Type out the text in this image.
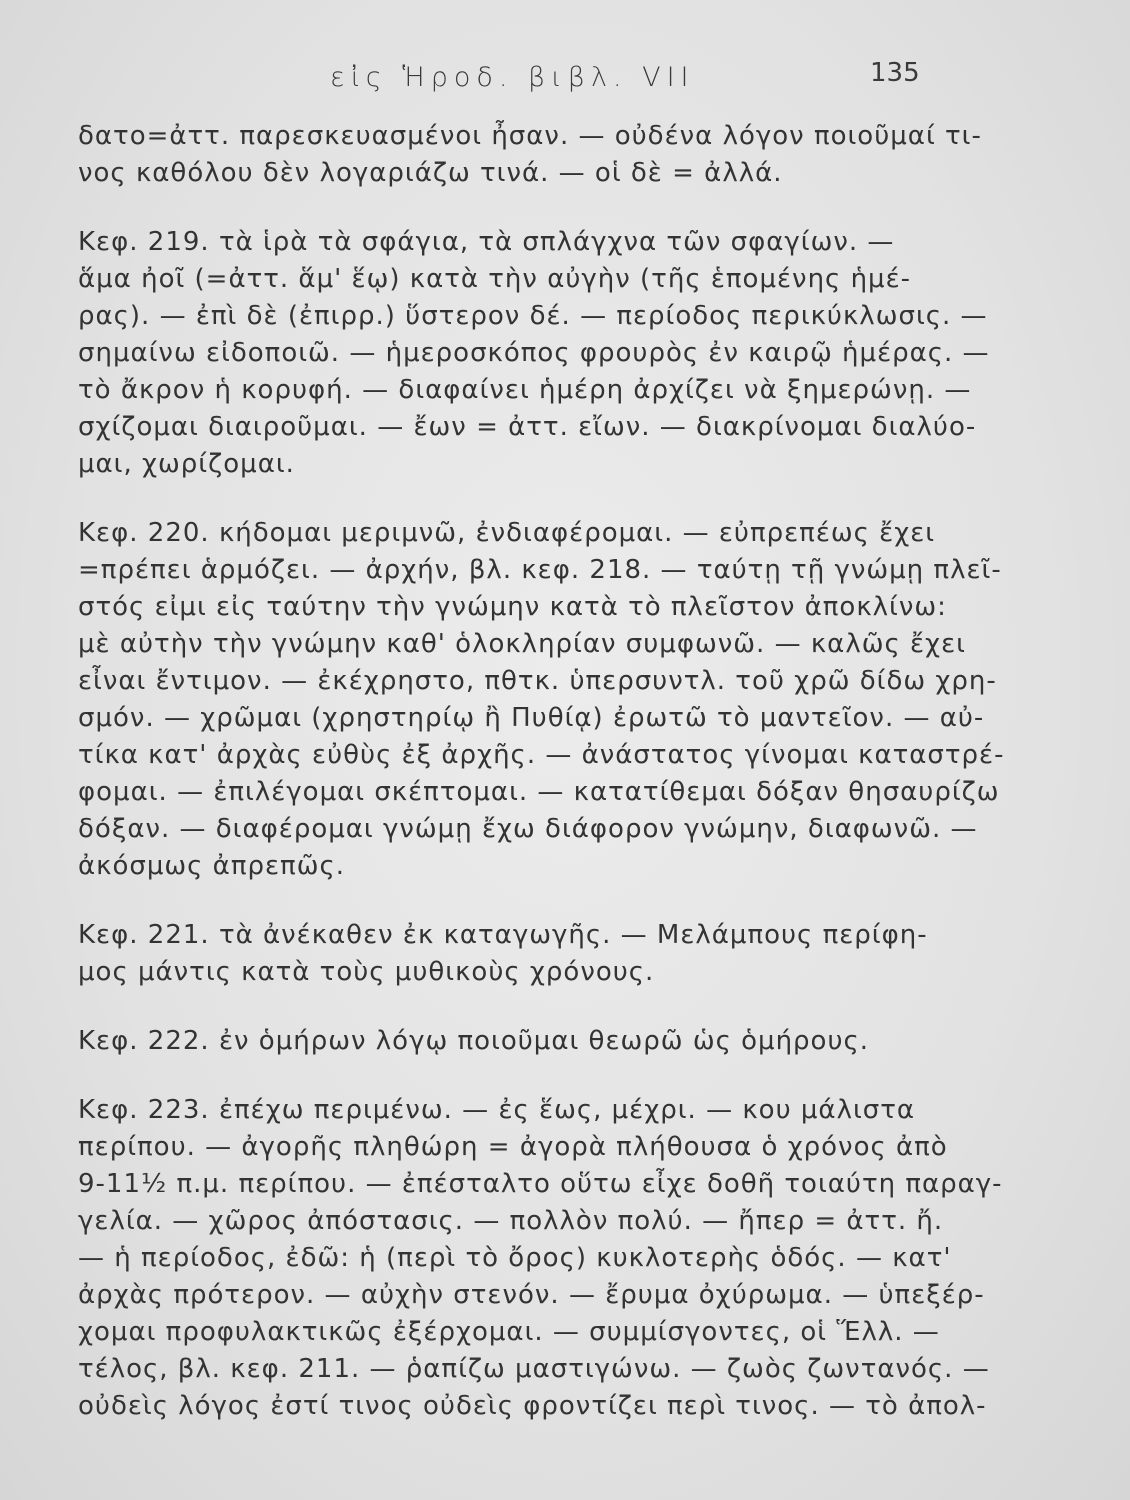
εἰς Ἡροδ. βιβλ. VII	135
δατο=ἀττ. παρεσκευασμένοι ἦσαν. — οὐδένα λόγον ποιοῦμαί τι-
νος καθόλου δὲν λογαριάζω τινά. — οἱ δὲ = ἀλλά.
Κεφ. 219. τὰ ἱρὰ τὰ σφάγια, τὰ σπλάγχνα τῶν σφαγίων. —
ἅμα ἠοῖ (=ἀττ. ἅμ' ἕῳ) κατὰ τὴν αὐγὴν (τῆς ἑπομένης ἡμέ-
ρας). — ἐπὶ δὲ (ἐπιρρ.) ὕστερον δέ. — περίοδος περικύκλωσις. —
σημαίνω εἰδοποιῶ. — ἡμεροσκόπος φρουρὸς ἐν καιρῷ ἡμέρας. —
τὸ ἄκρον ἡ κορυφή. — διαφαίνει ἡμέρη ἀρχίζει νὰ ξημερώνῃ. —
σχίζομαι διαιροῦμαι. — ἔων = ἀττ. εἴων. — διακρίνομαι διαλύο-
μαι, χωρίζομαι.
Κεφ. 220. κήδομαι μεριμνῶ, ἐνδιαφέρομαι. — εὐπρεπέως ἔχει
=πρέπει ἁρμόζει. — ἀρχήν, βλ. κεφ. 218. — ταύτῃ τῇ γνώμῃ πλεῖ-
στός εἰμι εἰς ταύτην τὴν γνώμην κατὰ τὸ πλεῖστον ἀποκλίνω:
μὲ αὐτὴν τὴν γνώμην καθ' ὁλοκληρίαν συμφωνῶ. — καλῶς ἔχει
εἶναι ἔντιμον. — ἐκέχρηστο, πθτκ. ὑπερσυντλ. τοῦ χρῶ δίδω χρη-
σμόν. — χρῶμαι (χρηστηρίῳ ἢ Πυθίᾳ) ἐρωτῶ τὸ μαντεῖον. — αὐ-
τίκα κατ' ἀρχὰς εὐθὺς ἐξ ἀρχῆς. — ἀνάστατος γίνομαι καταστρέ-
φομαι. — ἐπιλέγομαι σκέπτομαι. — κατατίθεμαι δόξαν θησαυρίζω
δόξαν. — διαφέρομαι γνώμῃ ἔχω διάφορον γνώμην, διαφωνῶ. —
ἀκόσμως ἀπρεπῶς.
Κεφ. 221. τὰ ἀνέκαθεν ἐκ καταγωγῆς. — Μελάμπους περίφη-
μος μάντις κατὰ τοὺς μυθικοὺς χρόνους.
Κεφ. 222. ἐν ὁμήρων λόγῳ ποιοῦμαι θεωρῶ ὡς ὁμήρους.
Κεφ. 223. ἐπέχω περιμένω. — ἐς ἕως, μέχρι. — κου μάλιστα
περίπου. — ἀγορῆς πληθώρη = ἀγορὰ πλήθουσα ὁ χρόνος ἀπὸ
9-11½ π.μ. περίπου. — ἐπέσταλτο οὕτω εἶχε δοθῆ τοιαύτη παραγ-
γελία. — χῶρος ἀπόστασις. — πολλὸν πολύ. — ἤπερ = ἀττ. ἤ.
— ἡ περίοδος, ἐδῶ: ἡ (περὶ τὸ ὄρος) κυκλοτερὴς ὁδός. — κατ'
ἀρχὰς πρότερον. — αὐχὴν στενόν. — ἔρυμα ὀχύρωμα. — ὑπεξέρ-
χομαι προφυλακτικῶς ἐξέρχομαι. — συμμίσγοντες, οἱ Ἕλλ. —
τέλος, βλ. κεφ. 211. — ῥαπίζω μαστιγώνω. — ζωὸς ζωντανός. —
οὐδεὶς λόγος ἐστί τινος οὐδεὶς φροντίζει περὶ τινος. — τὸ ἀπολ-
